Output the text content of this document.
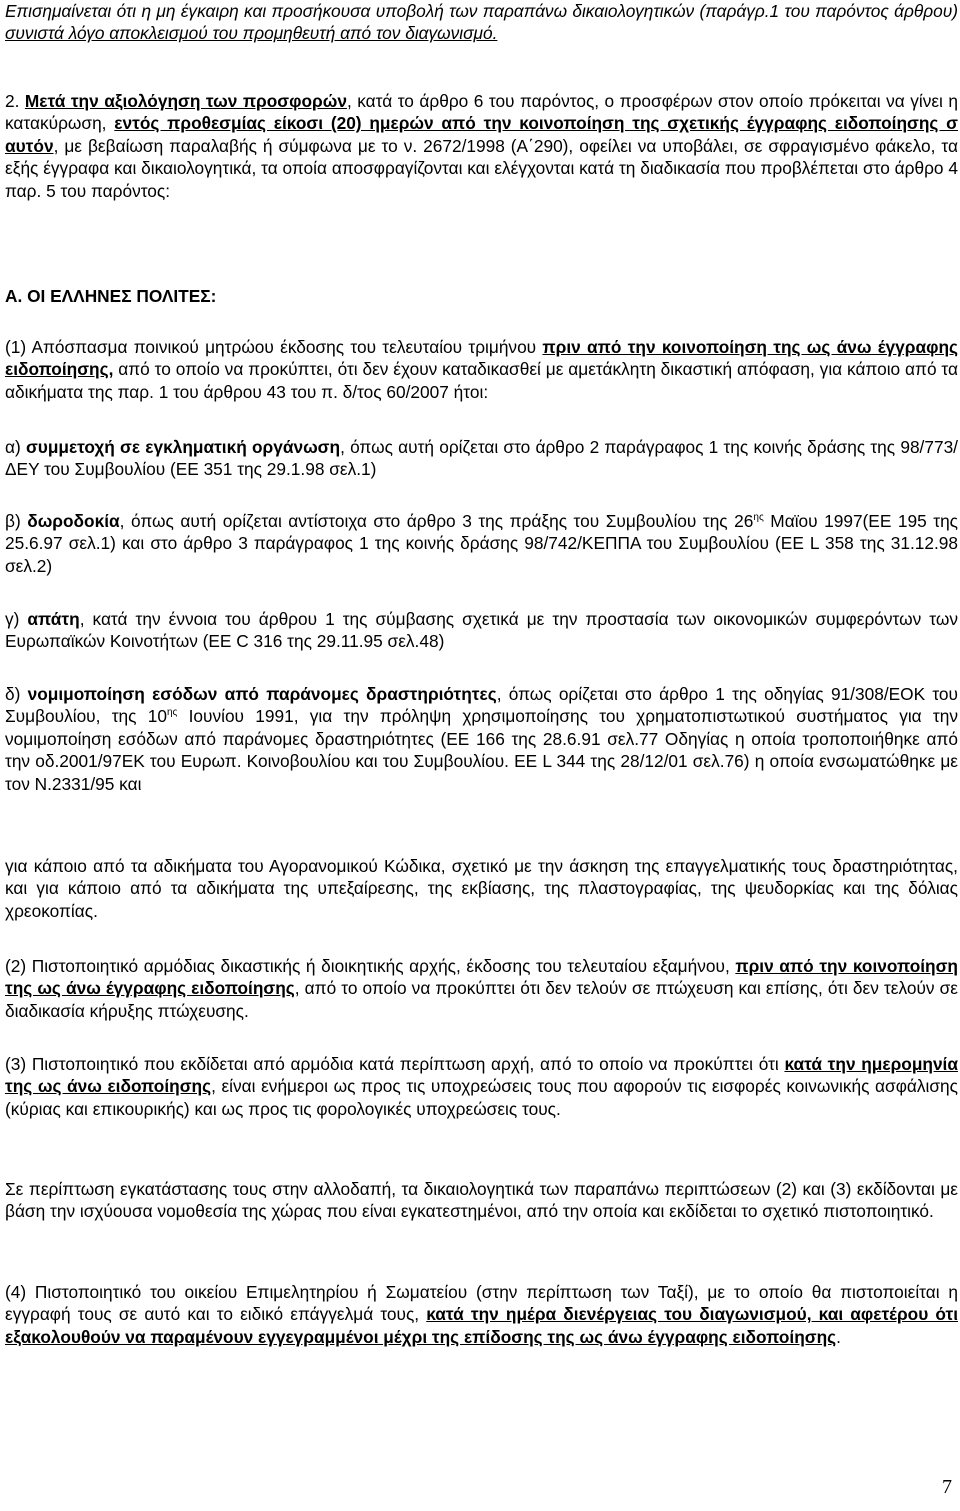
Επισημαίνεται ότι η μη έγκαιρη και προσήκουσα υποβολή των παραπάνω δικαιολογητικών (παράγρ.1 του παρόντος άρθρου) συνιστά λόγο αποκλεισμού του προμηθευτή από τον διαγωνισμό.

2. Μετά την αξιολόγηση των προσφορών, κατά το άρθρο 6 του παρόντος, ο προσφέρων στον οποίο πρόκειται να γίνει η κατακύρωση, εντός προθεσμίας είκοσι (20) ημερών από την κοινοποίηση της σχετικής έγγραφης ειδοποίησης σ αυτόν, με βεβαίωση παραλαβής ή σύμφωνα με το ν. 2672/1998 (Α΄290), οφείλει να υποβάλει, σε σφραγισμένο φάκελο, τα εξής έγγραφα και δικαιολογητικά, τα οποία αποσφραγίζονται και ελέγχονται κατά τη διαδικασία που προβλέπεται στο άρθρο 4 παρ. 5 του παρόντος:

Α. ΟΙ ΕΛΛΗΝΕΣ ΠΟΛΙΤΕΣ:

(1) Απόσπασμα ποινικού μητρώου έκδοσης του τελευταίου τριμήνου πριν από την κοινοποίηση της ως άνω έγγραφης ειδοποίησης, από το οποίο να προκύπτει, ότι δεν έχουν καταδικασθεί με αμετάκλητη δικαστική απόφαση, για κάποιο από τα αδικήματα της παρ. 1 του άρθρου 43 του π. δ/τος 60/2007 ήτοι:

α) συμμετοχή σε εγκληματική οργάνωση, όπως αυτή ορίζεται στο άρθρο 2 παράγραφος 1 της κοινής δράσης της 98/773/ΔΕΥ του Συμβουλίου (ΕΕ 351 της 29.1.98 σελ.1)

β) δωροδοκία, όπως αυτή ορίζεται αντίστοιχα στο άρθρο 3 της πράξης του Συμβουλίου της $26^{\eta\varsigma}$ Μαϊου 1997(ΕΕ 195 της 25.6.97 σελ.1) και στο άρθρο 3 παράγραφος 1 της κοινής δράσης 98/742/ΚΕΠΠΑ του Συμβουλίου (ΕΕ L 358 της 31.12.98 σελ.2)

γ) απάτη, κατά την έννοια του άρθρου 1 της σύμβασης σχετικά με την προστασία των οικονομικών συμφερόντων των Ευρωπαϊκών Κοινοτήτων (ΕΕ C 316 της 29.11.95 σελ.48)

δ) νομιμοποίηση εσόδων από παράνομες δραστηριότητες, όπως ορίζεται στο άρθρο 1 της οδηγίας 91/308/ΕΟΚ του Συμβουλίου, της $10^{\eta\varsigma}$ Ιουνίου 1991, για την πρόληψη χρησιμοποίησης του χρηματοπιστωτικού συστήματος για την νομιμοποίηση εσόδων από παράνομες δραστηριότητες (ΕΕ 166 της 28.6.91 σελ.77 Οδηγίας η οποία τροποποιήθηκε από την οδ.2001/97ΕΚ του Ευρωπ. Κοινοβουλίου και του Συμβουλίου. ΕΕ L 344 της 28/12/01 σελ.76) η οποία ενσωματώθηκε με τον Ν.2331/95 και

για κάποιο από τα αδικήματα του Αγορανομικού Κώδικα, σχετικό με την άσκηση της επαγγελματικής τους δραστηριότητας, και για κάποιο από τα αδικήματα της υπεξαίρεσης, της εκβίασης, της πλαστογραφίας, της ψευδορκίας και της δόλιας χρεοκοπίας.

(2) Πιστοποιητικό αρμόδιας δικαστικής ή διοικητικής αρχής, έκδοσης του τελευταίου εξαμήνου, πριν από την κοινοποίηση της ως άνω έγγραφης ειδοποίησης, από το οποίο να προκύπτει ότι δεν τελούν σε πτώχευση και επίσης, ότι δεν τελούν σε διαδικασία κήρυξης πτώχευσης.

(3) Πιστοποιητικό που εκδίδεται από αρμόδια κατά περίπτωση αρχή, από το οποίο να προκύπτει ότι κατά την ημερομηνία της ως άνω ειδοποίησης, είναι ενήμεροι ως προς τις υποχρεώσεις τους που αφορούν τις εισφορές κοινωνικής ασφάλισης (κύριας και επικουρικής) και ως προς τις φορολογικές υποχρεώσεις τους.

Σε περίπτωση εγκατάστασης τους στην αλλοδαπή, τα δικαιολογητικά των παραπάνω περιπτώσεων (2) και (3) εκδίδονται με βάση την ισχύουσα νομοθεσία της χώρας που είναι εγκατεστημένοι, από την οποία και εκδίδεται το σχετικό πιστοποιητικό.

(4) Πιστοποιητικό του οικείου Επιμελητηρίου ή Σωματείου (στην περίπτωση των Ταξί), με το οποίο θα πιστοποιείται η εγγραφή τους σε αυτό και το ειδικό επάγγελμά τους, κατά την ημέρα διενέργειας του διαγωνισμού, και αφετέρου ότι εξακολουθούν να παραμένουν εγγεγραμμένοι μέχρι της επίδοσης της ως άνω έγγραφης ειδοποίησης.

7
